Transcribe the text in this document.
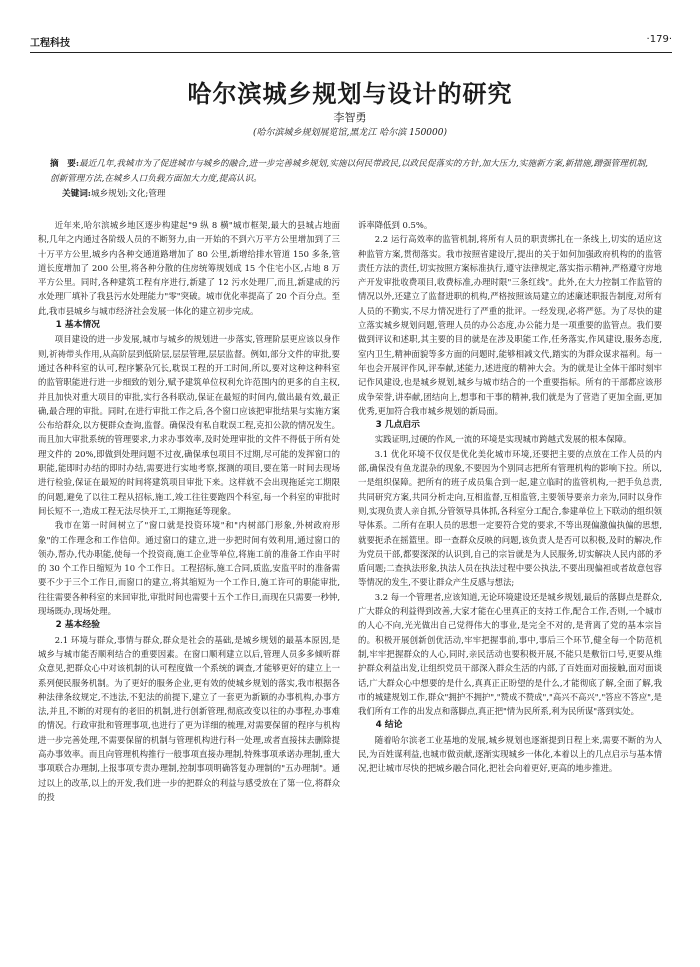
工程科技	·179·
哈尔滨城乡规划与设计的研究
李智勇
(哈尔滨城乡规划展览馆,黑龙江 哈尔滨 150000)
摘　要:最近几年,我城市为了促进城市与城乡的融合,进一步完善城乡规划,实施以何民带政民,以政民促落实的方针,加大压力,实施新方案,新措施,蹭强管理机制,创新管理方法,在城乡人口负载方面加大力度,提高认识。
关键词:城乡规划;文化;管理

近年来,哈尔滨城乡地区逐步构建起"9 纵 8 横"城市框架,最大的县城占地面积,几年之内通过各阶级人员的不断努力,由一开始的不到六万平方公里增加到了三十万平方公里,城乡内各种交通道路增加了 80 公里,新增给排水管道 150 多条,管道长度增加了 200 公里,将各种分散的住房统筹规划成 15 个住宅小区,占地 8 万平方公里。同时,各种建筑工程有序进行,新建了 12 污水处理厂,而且,新建成的污水处理厂填补了我县污水处理能力"零"突破。城市优化率提高了 20 个百分点。至此,我市县城乡与城市经济社会发展一体化的建立初步完成。

1 基本情况

项目建设的进一步发展,城市与城乡的规划进一步落实,管理阶层更应该以身作则,祈祷带头作用,从高阶层到低阶层,层层管理,层层监督。例如,部分文件的审批,要通过各种科室的认可,程序繁杂冗长,耽误工程的开工时间,所以,要对这种这种科室的监管职能进行进一步细致的划分,赋予建筑单位权利允许范围内的更多的自主权,并且加快对重大项目的审批,实行各科联动,保证在最短的时间内,做出最有效,最正确,最合理的审批。同时,在进行审批工作之后,各个窗口应该把审批结果与实施方案公布给群众,以方便群众查询,监督。确保没有私自耽误工程,克扣公款的情况发生。而且加大审批系统的管理要求,力求办事效率,及时处理审批的文件不得低于所有处理文件的 20%,即做到处理问题不过夜,确保承包项目不过期,尽可能的发挥窗口的职能,能即时办结的即时办结,需要进行实地考察,探测的项目,要在第一时间去现场进行检验,保证在最短的时间将建筑项目审批下来。这样就不会出现拖延完工期限的问题,避免了以往工程从招标,施工,竣工往往要跑四个科室,每一个科室的审批时间长短不一,造成工程无法尽快开工,工期拖延等现象。

我市在第一时间树立了"窗口就是投资环境"和"内树部门形象,外树政府形象"的工作理念和工作信仰。通过窗口的建立,进一步把时间有效利用,通过窗口的领办,帮办,代办职能,使每一个投资商,施工企业等单位,将施工前的准备工作由平时的 30 个工作日缩短为 10 个工作日。工程招标,施工合同,质监,安监平时的准备需要不少于三个工作日,而窗口的建立,将其缩短为一个工作日,施工许可的职能审批,往往需要各种科室的来回审批,审批时间也需要十五个工作日,而现在只需要一秒钟,现场既办,现场处理。

2 基本经验

2.1 环境与群众,事情与群众,群众是社会的基础,是城乡规划的最基本原因,是城乡与城市能否顺利结合的重要因素。在窗口顺利建立以后,管理人员多多倾听群众意见,把群众心中对该机制的认可程度做一个系统的调查,才能够更好的建立上一系列便民服务机制。为了更好的服务企业,更有效的使城乡规划的落实,我市根据各种法律条纹规定,不违法,不犯法的前提下,建立了一套更为新颖的办事机构,办事方法,并且,不断的对现有的老旧的机制,进行创新管理,彻底改变以往的办事程,办事难的情况。行政审批和管理事项,也进行了更为详细的梳理,对需要保留的程序与机构进一步完善处理,不需要保留的机制与管理机构进行科一处理,或者直接抹去删除提高办事效率。而且向管理机构推行一般事项直接办理制,特殊事项承诺办理制,重大事项联合办理制,上报事项专责办理制,控制事项明确答复办理制的"五办理制"。通过以上的改革,以上的开发,我们进一步的把群众的利益与感受放在了第一位,将群众的投

诉率降低到 0.5%。

2.2 运行高效率的监管机制,将所有人员的职责绑扎在一条线上,切实的适应这种监管方案,贯彻落实。我市按照省建设厅,提出的关于如何加强政府机构的的监管责任方法的责任,切实按照方案标准执行,遵守法律规定,落实指示精神,严格遵守房地产开发审批收费项目,收费标准,办理时限"三条红线"。此外,在大力控制工作监管的情况以外,还建立了监督进职的机构,严格按照该局建立的述廉述职报告制度,对所有人员的不勤实,不尽力情况进行了严重的批评。一经发现,必将严惩。为了尽快的建立落实城乡规划问题,管理人员的办公态度,办公能力是一项重要的监管点。我们要做到评议和述职,其主要的目的就是在涉及职能工作,任务落实,作风建设,服务态度,室内卫生,精神面貌等多方面的问题时,能够相减文代,踏实的为群众谋求福利。每一年也会开展评作风,评奉献,述能力,述进度的精神大会。为的就是让全体干部时刻牢记作风建设,也是城乡规划,城乡与城市结合的一个重要指标。所有的干部都应该形成争荣誉,讲奉献,团结向上,想事和干事的精神,我们就是为了营造了更加全面,更加优秀,更加符合我市城乡规划的新局面。

3 几点启示

实践证明,过硬的作风,一流的环境是实现城市跨越式发展的根本保障。

3.1 优化环境不仅仅是优化美化城市环境,还要把主要的点放在工作人员的内部,确保没有鱼龙混杂的现象,不要因为个别同志把所有管理机构的影响下拉。所以,一是组织保障。把所有的班子成员集合到一起,建立临时的监管机构,一把手负总责,共同研究方案,共同分析走向,互相监督,互相监管,主要领导要亲力亲为,同时以身作则,实现负责人亲自抓,分管领导具体抓,各科室分工配合,参建单位上下联动的组织领导体系。二所有在职人员的思想一定要符合党的要求,不等出现偏激偏执偏的思想,就要扼杀在摇篮里。即一查群众反映的问题,该负责人是否可以积极,及时的解决,作为党员干部,都要深深的认识到,自己的宗旨就是为人民服务,切实解决人民内部的矛盾问题;二查执法形象,执法人员在执法过程中要公执法,不要出现偏袒或者故意包容等情况的发生,不要让群众产生反感与想法;

3.2 每一个管理者,应该知道,无论环境建设还是城乡规划,最后的落脚点是群众,广大群众的利益得到改善,大家才能在心里真正的支持工作,配合工作,否则,一个城市的人心不向,光光做出自己觉得伟大的事业,是完全不对的,是背离了党的基本宗旨的。积极开展创新创优活动,牢牢把握事前,事中,事后三个环节,健全每一个防范机制,牢牢把握群众的人心,同时,亲民活动也要积极开展,不能只是敷衍口号,更要从维护群众利益出发,让组织党员干部深入群众生活的内部,了百姓面对面接触,面对面谈话,广大群众心中想要的是什么,真真正正盼望的是什么,才能彻底了解,全面了解,我市的城建规划工作,群众"拥护不拥护","赞成不赞成","高兴不高兴","答应不答应",是我们所有工作的出发点和落脚点,真正把"情为民所系,利为民所谋"落到实处。

4 结论

随着哈尔滨老工业基地的发展,城乡规划也逐渐提到日程上来,需要不断的为人民,为百姓谋利益,也城市做贡献,逐渐实现城乡一体化,本着以上的几点启示与基本情况,把让城市尽快的把城乡融合同化,把社会向着更好,更高的地步推进。
